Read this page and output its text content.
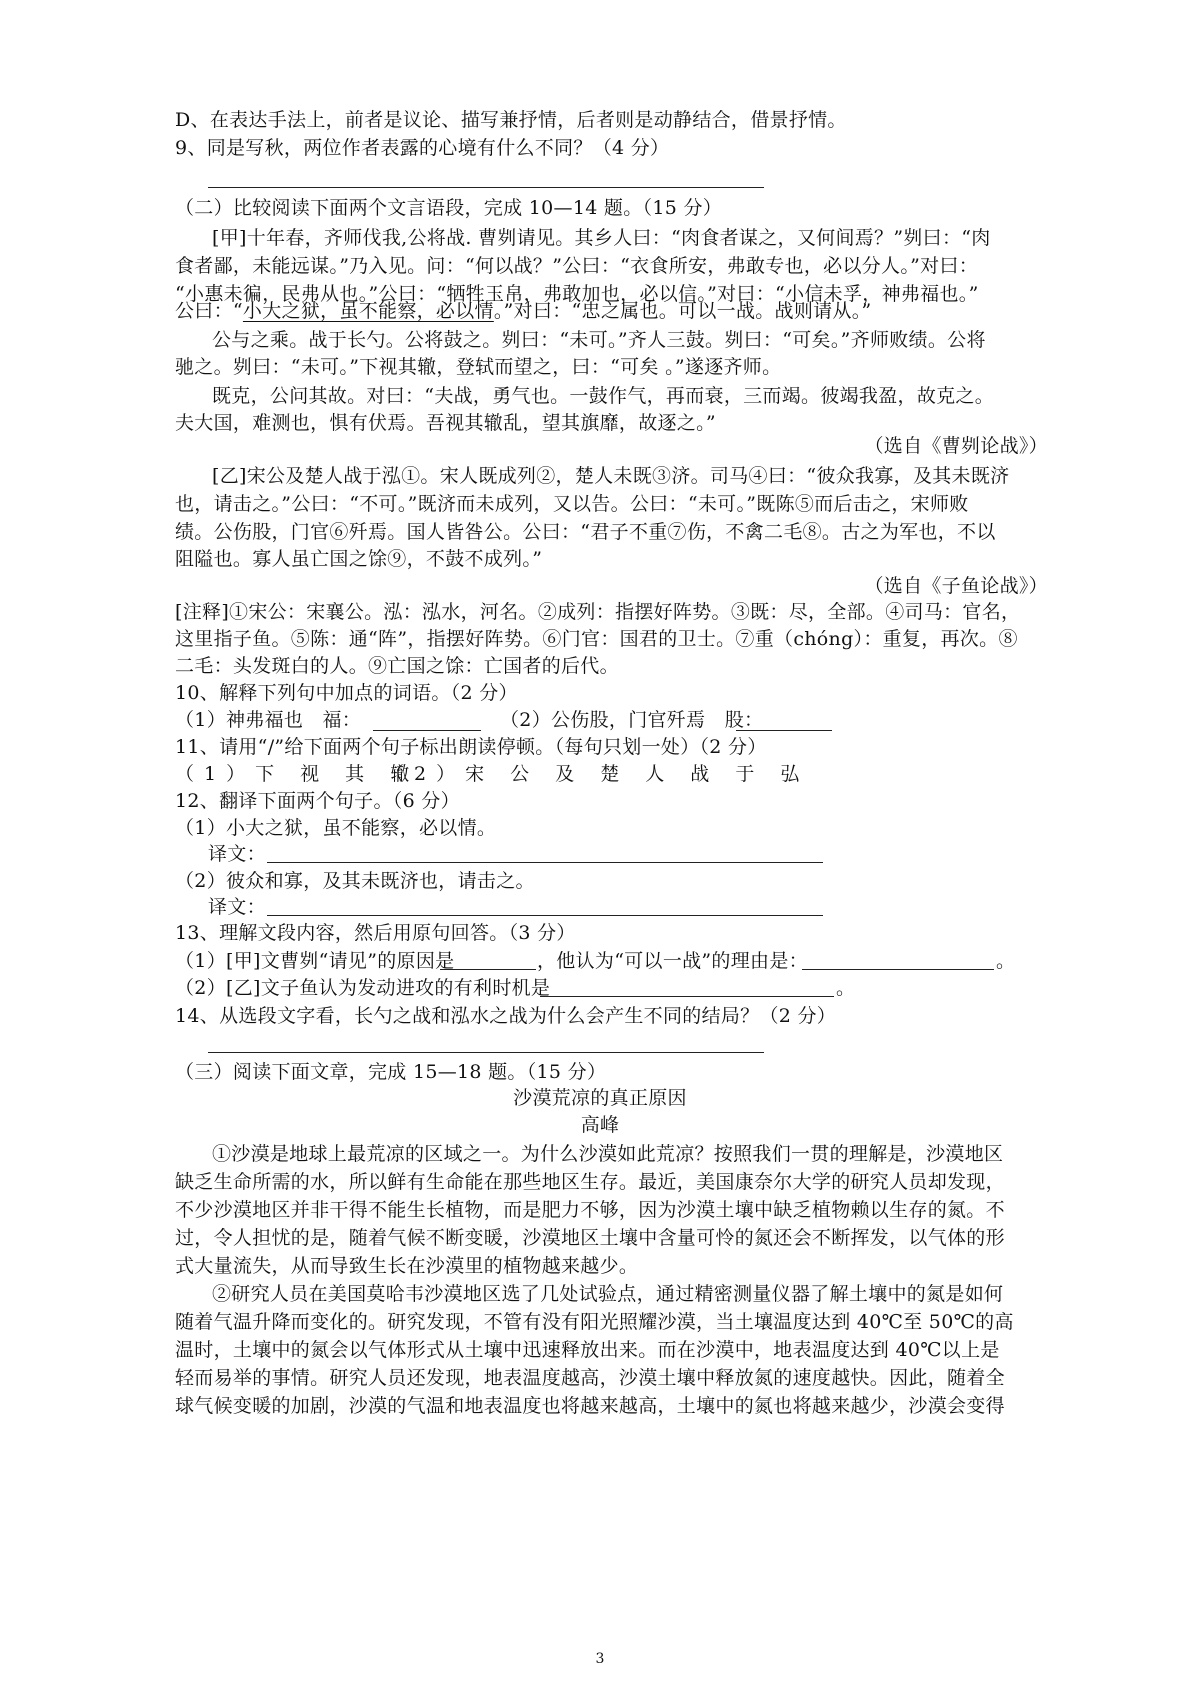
D、在表达手法上，前者是议论、描写兼抒情，后者则是动静结合，借景抒情。
9、同是写秋，两位作者表露的心境有什么不同？（4 分）
（二）比较阅读下面两个文言语段，完成 10—14 题。（15 分）
[甲]十年春，齐师伐我,公将战. 曹刿请见。其乡人曰：“肉食者谋之，又何间焉？”刿曰：“肉
食者鄙，未能远谋。”乃入见。问：“何以战？”公曰：“衣食所安，弗敢专也，必以分人。”对曰：
“小惠未徧，民弗从也。”公曰：“牺牲玉帛，弗敢加也，必以信。”对曰：“小信未孚，神弗福也。”
公曰：“小大之狱，虽不能察，必以情。”对曰：“忠之属也。可以一战。战则请从。”
公与之乘。战于长勺。公将鼓之。刿曰：“未可。”齐人三鼓。刿曰：“可矣。”齐师败绩。公将
驰之。刿曰：“未可。”下视其辙，登轼而望之，曰：“可矣 。”遂逐齐师。
既克，公问其故。对曰：“夫战，勇气也。一鼓作气，再而衰，三而竭。彼竭我盈，故克之。
夫大国，难测也，惧有伏焉。吾视其辙乱，望其旗靡，故逐之。”
（选自《曹刿论战》）
[乙]宋公及楚人战于泓①。宋人既成列②，楚人未既③济。司马④曰：“彼众我寡，及其未既济
也，请击之。”公曰：“不可。”既济而未成列，又以告。公曰：“未可。”既陈⑤而后击之，宋师败
绩。公伤股，门官⑥歼焉。国人皆咎公。公曰：“君子不重⑦伤，不禽二毛⑧。古之为军也，不以
阻隘也。寡人虽亡国之馀⑨，不鼓不成列。”
（选自《子鱼论战》）
[注释]①宋公：宋襄公。泓：泓水，河名。②成列：指摆好阵势。③既：尽，全部。④司马：官名，
这里指子鱼。⑤陈：通“阵”，指摆好阵势。⑥门官：国君的卫士。⑦重（chóng）：重复，再次。⑧
二毛：头发斑白的人。⑨亡国之馀：亡国者的后代。
10、解释下列句中加点的词语。（2 分）
（1）神弗福也　福：	（2）公伤股，门官歼焉　股：
11、请用“/”给下面两个句子标出朗读停顿。（每句只划一处）（2 分）
（1）下 视 其 辙
（2）宋 公 及 楚 人 战 于 弘
12、翻译下面两个句子。（6 分）
（1）小大之狱，虽不能察，必以情。
译文：
（2）彼众和寡，及其未既济也，请击之。
译文：
13、理解文段内容，然后用原句回答。（3 分）
（1）[甲]文曹刿“请见”的原因是	，他认为“可以一战”的理由是：	。
（2）[乙]文子鱼认为发动进攻的有利时机是	。
14、从选段文字看，长勺之战和泓水之战为什么会产生不同的结局？（2 分）
（三）阅读下面文章，完成 15—18 题。（15 分）
沙漠荒凉的真正原因
高峰
①沙漠是地球上最荒凉的区域之一。为什么沙漠如此荒凉？按照我们一贯的理解是，沙漠地区
缺乏生命所需的水，所以鲜有生命能在那些地区生存。最近，美国康奈尔大学的研究人员却发现，
不少沙漠地区并非干得不能生长植物，而是肥力不够，因为沙漠土壤中缺乏植物赖以生存的氮。不
过，令人担忧的是，随着气候不断变暖，沙漠地区土壤中含量可怜的氮还会不断挥发，以气体的形
式大量流失，从而导致生长在沙漠里的植物越来越少。
②研究人员在美国莫哈韦沙漠地区选了几处试验点，通过精密测量仪器了解土壤中的氮是如何
随着气温升降而变化的。研究发现，不管有没有阳光照耀沙漠，当土壤温度达到 40℃至 50℃的高
温时，土壤中的氮会以气体形式从土壤中迅速释放出来。而在沙漠中，地表温度达到 40℃以上是
轻而易举的事情。研究人员还发现，地表温度越高，沙漠土壤中释放氮的速度越快。因此，随着全
球气候变暖的加剧，沙漠的气温和地表温度也将越来越高，土壤中的氮也将越来越少，沙漠会变得
3
